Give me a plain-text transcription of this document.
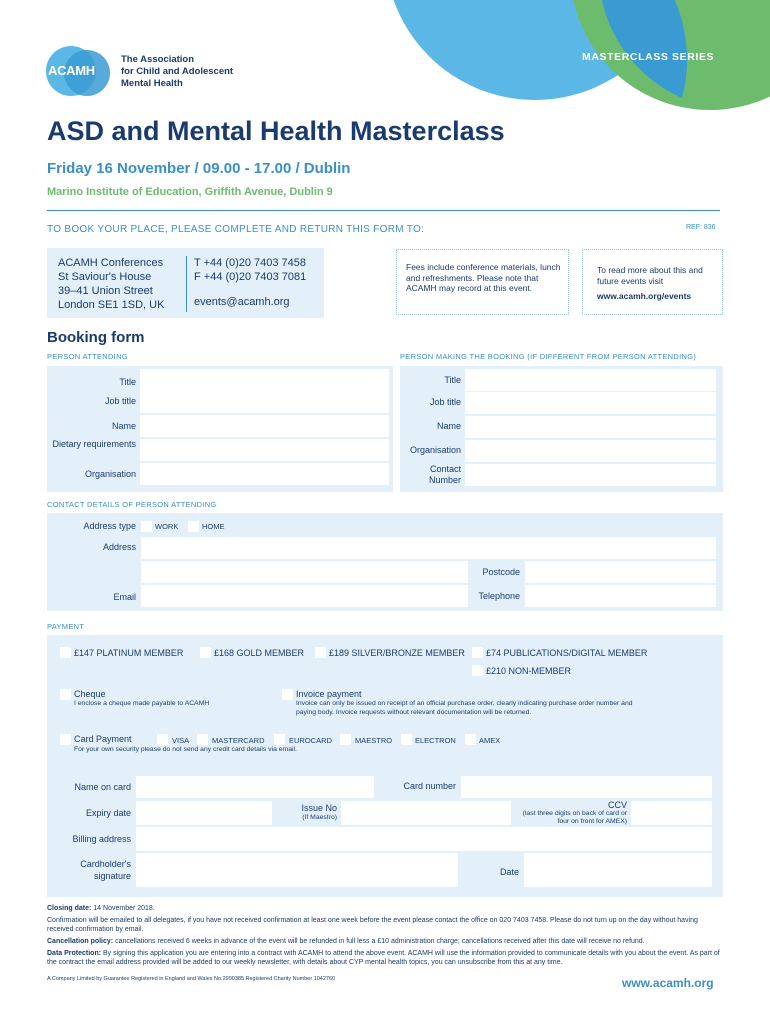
MASTERCLASS SERIES
ACAMH
The Association
for Child and Adolescent
Mental Health
ASD and Mental Health Masterclass
Friday 16 November / 09.00 - 17.00 / Dublin
Marino Institute of Education, Griffith Avenue, Dublin 9
TO BOOK YOUR PLACE, PLEASE COMPLETE AND RETURN THIS FORM TO:	REF: 836
ACAMH Conferences
St Saviour's House
39–41 Union Street
London SE1 1SD, UK
T +44 (0)20 7403 7458
F +44 (0)20 7403 7081
events@acamh.org
Fees include conference materials, lunch and refreshments. Please note that ACAMH may record at this event.
To read more about this and future events visit
www.acamh.org/events
Booking form
PERSON ATTENDING	PERSON MAKING THE BOOKING (IF DIFFERENT FROM PERSON ATTENDING)
Title
Job title
Name
Dietary requirements
Organisation
Title
Job title
Name
Organisation
Contact Number
CONTACT DETAILS OF PERSON ATTENDING
Address type	WORK	HOME
Address
Postcode
Email	Telephone
PAYMENT
£147 PLATINUM MEMBER	£168 GOLD MEMBER	£189 SILVER/BRONZE MEMBER £74 PUBLICATIONS/DIGITAL MEMBER
£210 NON-MEMBER
Cheque
I enclose a cheque made payable to ACAMH
Invoice payment
Invoice can only be issued on receipt of an official purchase order, clearly indicating purchase order number and paying body. Invoice requests without relevant documentation will be returned.
Card Payment	VISA	MASTERCARD	EUROCARD	MAESTRO	ELECTRON	AMEX
For your own security please do not send any credit card details via email.
Name on card	Card number
Expiry date	Issue No
(If Maestro)
CCV
(last three digits on back of card or four on front for AMEX)
Billing address
Cardholder's signature	Date
Closing date: 14 November 2018.
Confirmation will be emailed to all delegates, if you have not received confirmation at least one week before the event please contact the office on 020 7403 7458. Please do not turn up on the day without having received confirmation by email.
Cancellation policy: cancellations received 6 weeks in advance of the event will be refunded in full less a £10 administration charge; cancellations received after this date will receive no refund.
Data Protection: By signing this application you are entering into a contract with ACAMH to attend the above event. ACAMH will use the information provided to communicate details with you about the event. As part of the contract the email address provided will be added to our weekly newsletter, with details about CYP mental health topics, you can unsubscribe from this at any time.
A Company Limited by Guarantee Registered in England and Wales No.2990385 Registered Charity Number 1042760	www.acamh.org
